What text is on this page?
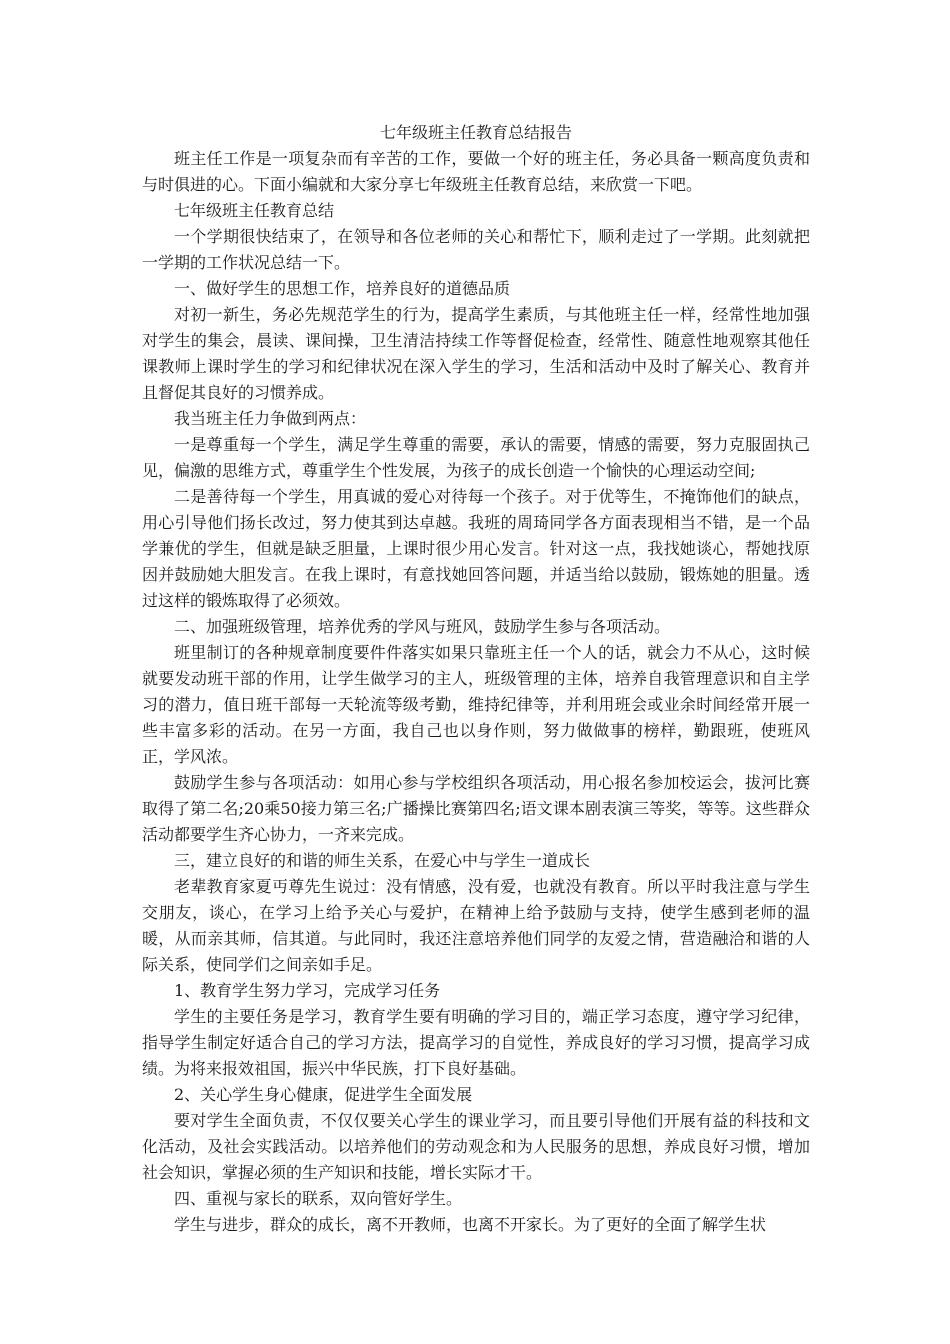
七年级班主任教育总结报告

班主任工作是一项复杂而有辛苦的工作，要做一个好的班主任，务必具备一颗高度负责和与时俱进的心。下面小编就和大家分享七年级班主任教育总结，来欣赏一下吧。

七年级班主任教育总结

一个学期很快结束了，在领导和各位老师的关心和帮忙下，顺利走过了一学期。此刻就把一学期的工作状况总结一下。

一、做好学生的思想工作，培养良好的道德品质

对初一新生，务必先规范学生的行为，提高学生素质，与其他班主任一样，经常性地加强对学生的集会，晨读、课间操，卫生清洁持续工作等督促检查，经常性、随意性地观察其他任课教师上课时学生的学习和纪律状况在深入学生的学习，生活和活动中及时了解关心、教育并且督促其良好的习惯养成。

我当班主任力争做到两点：

一是尊重每一个学生，满足学生尊重的需要，承认的需要，情感的需要，努力克服固执己见，偏激的思维方式，尊重学生个性发展，为孩子的成长创造一个愉快的心理运动空间;

二是善待每一个学生，用真诚的爱心对待每一个孩子。对于优等生，不掩饰他们的缺点，用心引导他们扬长改过，努力使其到达卓越。我班的周琦同学各方面表现相当不错，是一个品学兼优的学生，但就是缺乏胆量，上课时很少用心发言。针对这一点，我找她谈心，帮她找原因并鼓励她大胆发言。在我上课时，有意找她回答问题，并适当给以鼓励，锻炼她的胆量。透过这样的锻炼取得了必须效。

二、加强班级管理，培养优秀的学风与班风，鼓励学生参与各项活动。

班里制订的各种规章制度要件件落实如果只靠班主任一个人的话，就会力不从心，这时候就要发动班干部的作用，让学生做学习的主人，班级管理的主体，培养自我管理意识和自主学习的潜力，值日班干部每一天轮流等级考勤，维持纪律等，并利用班会或业余时间经常开展一些丰富多彩的活动。在另一方面，我自己也以身作则，努力做做事的榜样，勤跟班，使班风正，学风浓。

鼓励学生参与各项活动：如用心参与学校组织各项活动，用心报名参加校运会，拔河比赛取得了第二名;20乘50接力第三名;广播操比赛第四名;语文课本剧表演三等奖，等等。这些群众活动都要学生齐心协力，一齐来完成。

三，建立良好的和谐的师生关系，在爱心中与学生一道成长

老辈教育家夏丏尊先生说过：没有情感，没有爱，也就没有教育。所以平时我注意与学生交朋友，谈心，在学习上给予关心与爱护，在精神上给予鼓励与支持，使学生感到老师的温暖，从而亲其师，信其道。与此同时，我还注意培养他们同学的友爱之情，营造融洽和谐的人际关系，使同学们之间亲如手足。

1、教育学生努力学习，完成学习任务

学生的主要任务是学习，教育学生要有明确的学习目的，端正学习态度，遵守学习纪律，指导学生制定好适合自己的学习方法，提高学习的自觉性，养成良好的学习习惯，提高学习成绩。为将来报效祖国，振兴中华民族，打下良好基础。

2、关心学生身心健康，促进学生全面发展

要对学生全面负责，不仅仅要关心学生的课业学习，而且要引导他们开展有益的科技和文化活动，及社会实践活动。以培养他们的劳动观念和为人民服务的思想，养成良好习惯，增加社会知识，掌握必须的生产知识和技能，增长实际才干。

四、重视与家长的联系，双向管好学生。

学生与进步，群众的成长，离不开教师，也离不开家长。为了更好的全面了解学生状
